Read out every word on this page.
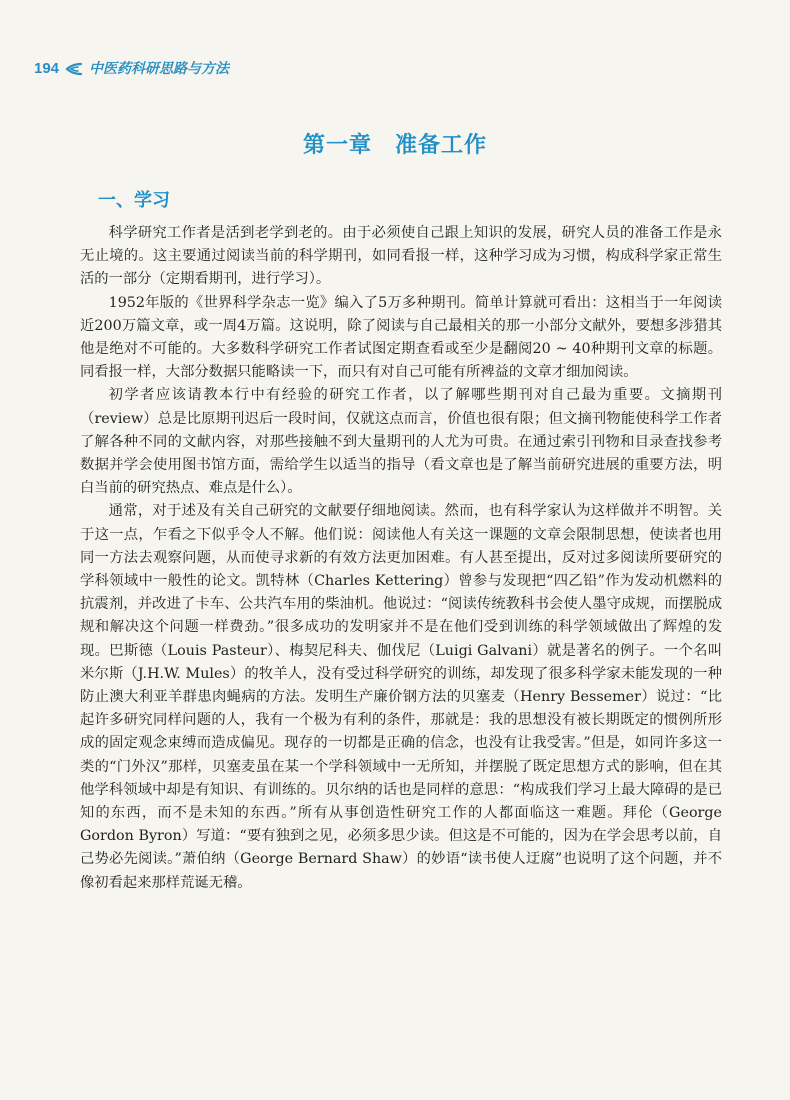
194 中医药科研思路与方法
第一章　准备工作
一、学习

科学研究工作者是活到老学到老的。由于必须使自己跟上知识的发展，研究人员的准备工作是永无止境的。这主要通过阅读当前的科学期刊，如同看报一样，这种学习成为习惯，构成科学家正常生活的一部分（定期看期刊，进行学习）。

1952年版的《世界科学杂志一览》编入了5万多种期刊。简单计算就可看出：这相当于一年阅读近200万篇文章，或一周4万篇。这说明，除了阅读与自己最相关的那一小部分文献外，要想多涉猎其他是绝对不可能的。大多数科学研究工作者试图定期查看或至少是翻阅20 ~ 40种期刊文章的标题。同看报一样，大部分数据只能略读一下，而只有对自己可能有所裨益的文章才细加阅读。

初学者应该请教本行中有经验的研究工作者，以了解哪些期刊对自己最为重要。文摘期刊（review）总是比原期刊迟后一段时间，仅就这点而言，价值也很有限；但文摘刊物能使科学工作者了解各种不同的文献内容，对那些接触不到大量期刊的人尤为可贵。在通过索引刊物和目录查找参考数据并学会使用图书馆方面，需给学生以适当的指导（看文章也是了解当前研究进展的重要方法，明白当前的研究热点、难点是什么）。

通常，对于述及有关自己研究的文献要仔细地阅读。然而，也有科学家认为这样做并不明智。关于这一点，乍看之下似乎令人不解。他们说：阅读他人有关这一课题的文章会限制思想，使读者也用同一方法去观察问题，从而使寻求新的有效方法更加困难。有人甚至提出，反对过多阅读所要研究的学科领域中一般性的论文。凯特林（Charles Kettering）曾参与发现把“四乙铅”作为发动机燃料的抗震剂，并改进了卡车、公共汽车用的柴油机。他说过：“阅读传统教科书会使人墨守成规，而摆脱成规和解决这个问题一样费劲。”很多成功的发明家并不是在他们受到训练的科学领域做出了辉煌的发现。巴斯德（Louis Pasteur）、梅契尼科夫、伽伐尼（Luigi Galvani）就是著名的例子。一个名叫米尔斯（J.H.W. Mules）的牧羊人，没有受过科学研究的训练，却发现了很多科学家未能发现的一种防止澳大利亚羊群患肉蝇病的方法。发明生产廉价钢方法的贝塞麦（Henry Bessemer）说过：“比起许多研究同样问题的人，我有一个极为有利的条件，那就是：我的思想没有被长期既定的惯例所形成的固定观念束缚而造成偏见。现存的一切都是正确的信念，也没有让我受害。”但是，如同许多这一类的“门外汉”那样，贝塞麦虽在某一个学科领域中一无所知，并摆脱了既定思想方式的影响，但在其他学科领域中却是有知识、有训练的。贝尔纳的话也是同样的意思：“构成我们学习上最大障碍的是已知的东西，而不是未知的东西。”所有从事创造性研究工作的人都面临这一难题。拜伦（George Gordon Byron）写道：“要有独到之见，必须多思少读。但这是不可能的，因为在学会思考以前，自己势必先阅读。”萧伯纳（George Bernard Shaw）的妙语“读书使人迂腐”也说明了这个问题，并不像初看起来那样荒诞无稽。
